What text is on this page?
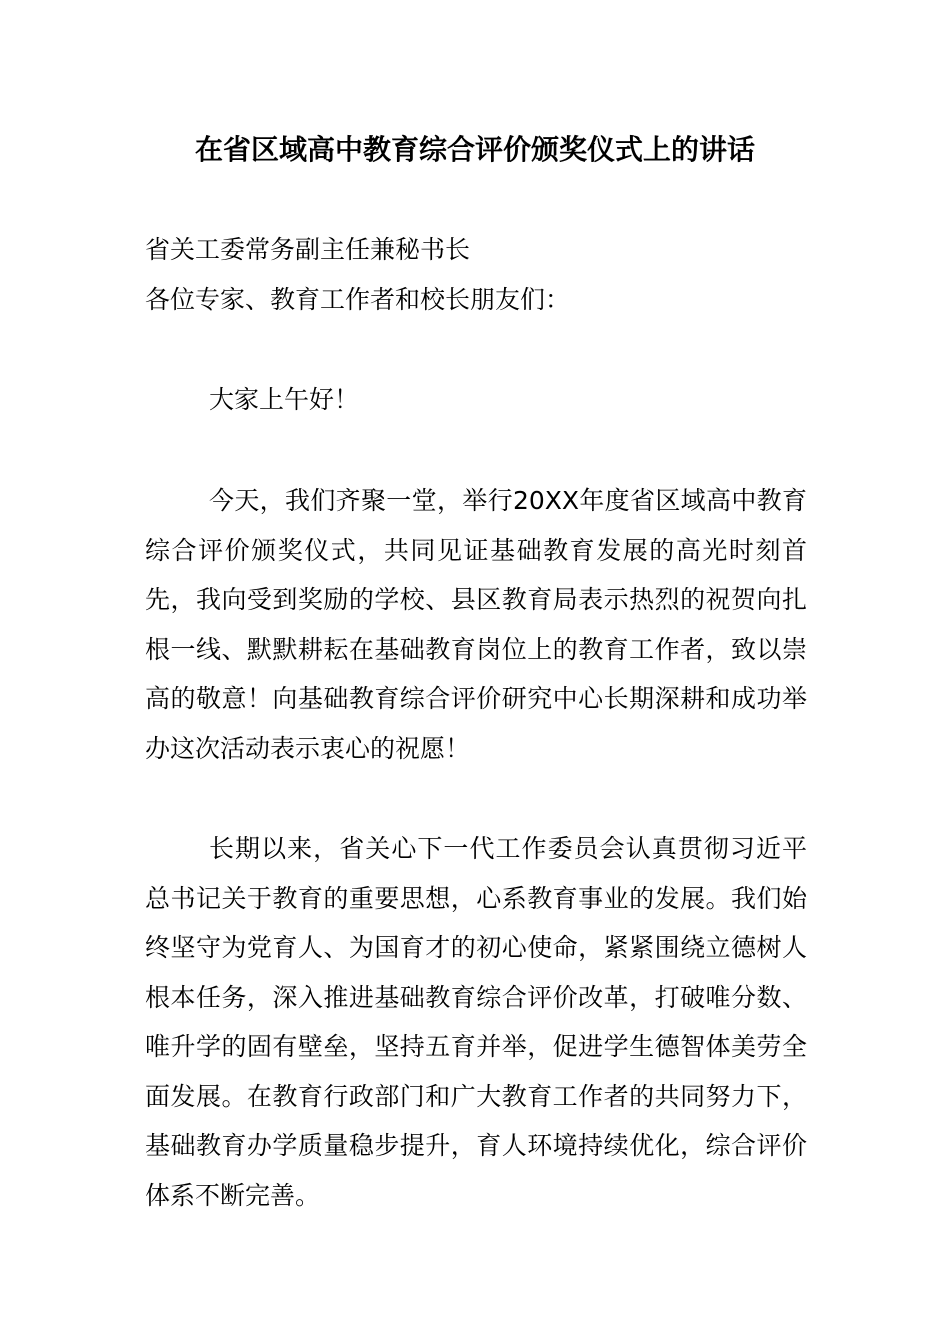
在省区域高中教育综合评价颁奖仪式上的讲话
省关工委常务副主任兼秘书长
各位专家、教育工作者和校长朋友们：
大家上午好！
今天，我们齐聚一堂，举行20XX年度省区域高中教育综合评价颁奖仪式，共同见证基础教育发展的高光时刻首先，我向受到奖励的学校、县区教育局表示热烈的祝贺向扎根一线、默默耕耘在基础教育岗位上的教育工作者，致以崇高的敬意！向基础教育综合评价研究中心长期深耕和成功举办这次活动表示衷心的祝愿！
长期以来，省关心下一代工作委员会认真贯彻习近平总书记关于教育的重要思想，心系教育事业的发展。我们始终坚守为党育人、为国育才的初心使命，紧紧围绕立德树人根本任务，深入推进基础教育综合评价改革，打破唯分数、唯升学的固有壁垒，坚持五育并举，促进学生德智体美劳全面发展。在教育行政部门和广大教育工作者的共同努力下，基础教育办学质量稳步提升，育人环境持续优化，综合评价体系不断完善。
